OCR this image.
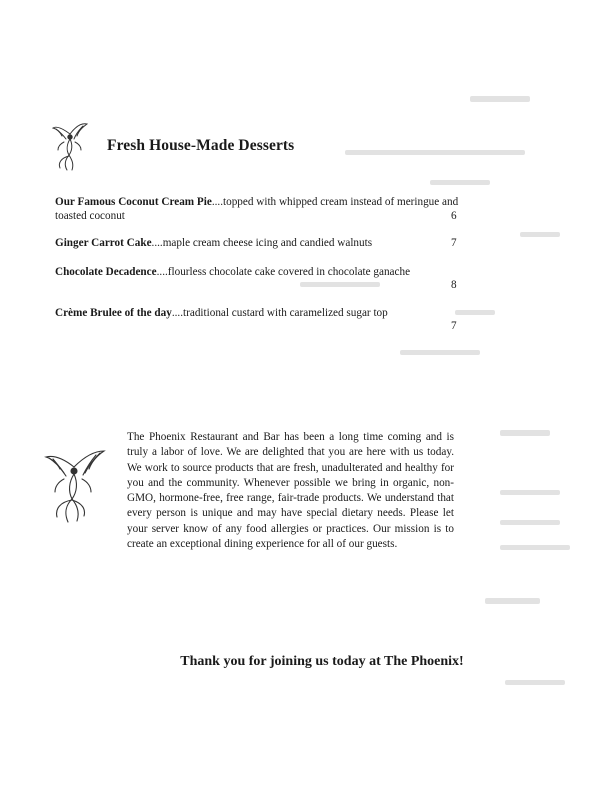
Fresh House-Made Desserts
Our Famous Coconut Cream Pie....topped with whipped cream instead of meringue and toasted coconut	6
Ginger Carrot Cake....maple cream cheese icing and candied walnuts	7
Chocolate Decadence....flourless chocolate cake covered in chocolate ganache
8
Crème Brulee of the day....traditional custard with caramelized sugar top
7
The Phoenix Restaurant and Bar has been a long time coming and is truly a labor of love. We are delighted that you are here with us today. We work to source products that are fresh, unadulterated and healthy for you and the community. Whenever possible we bring in organic, non-GMO, hormone-free, free range, fair-trade products. We understand that every person is unique and may have special dietary needs. Please let your server know of any food allergies or practices. Our mission is to create an exceptional dining experience for all of our guests.
Thank you for joining us today at The Phoenix!
